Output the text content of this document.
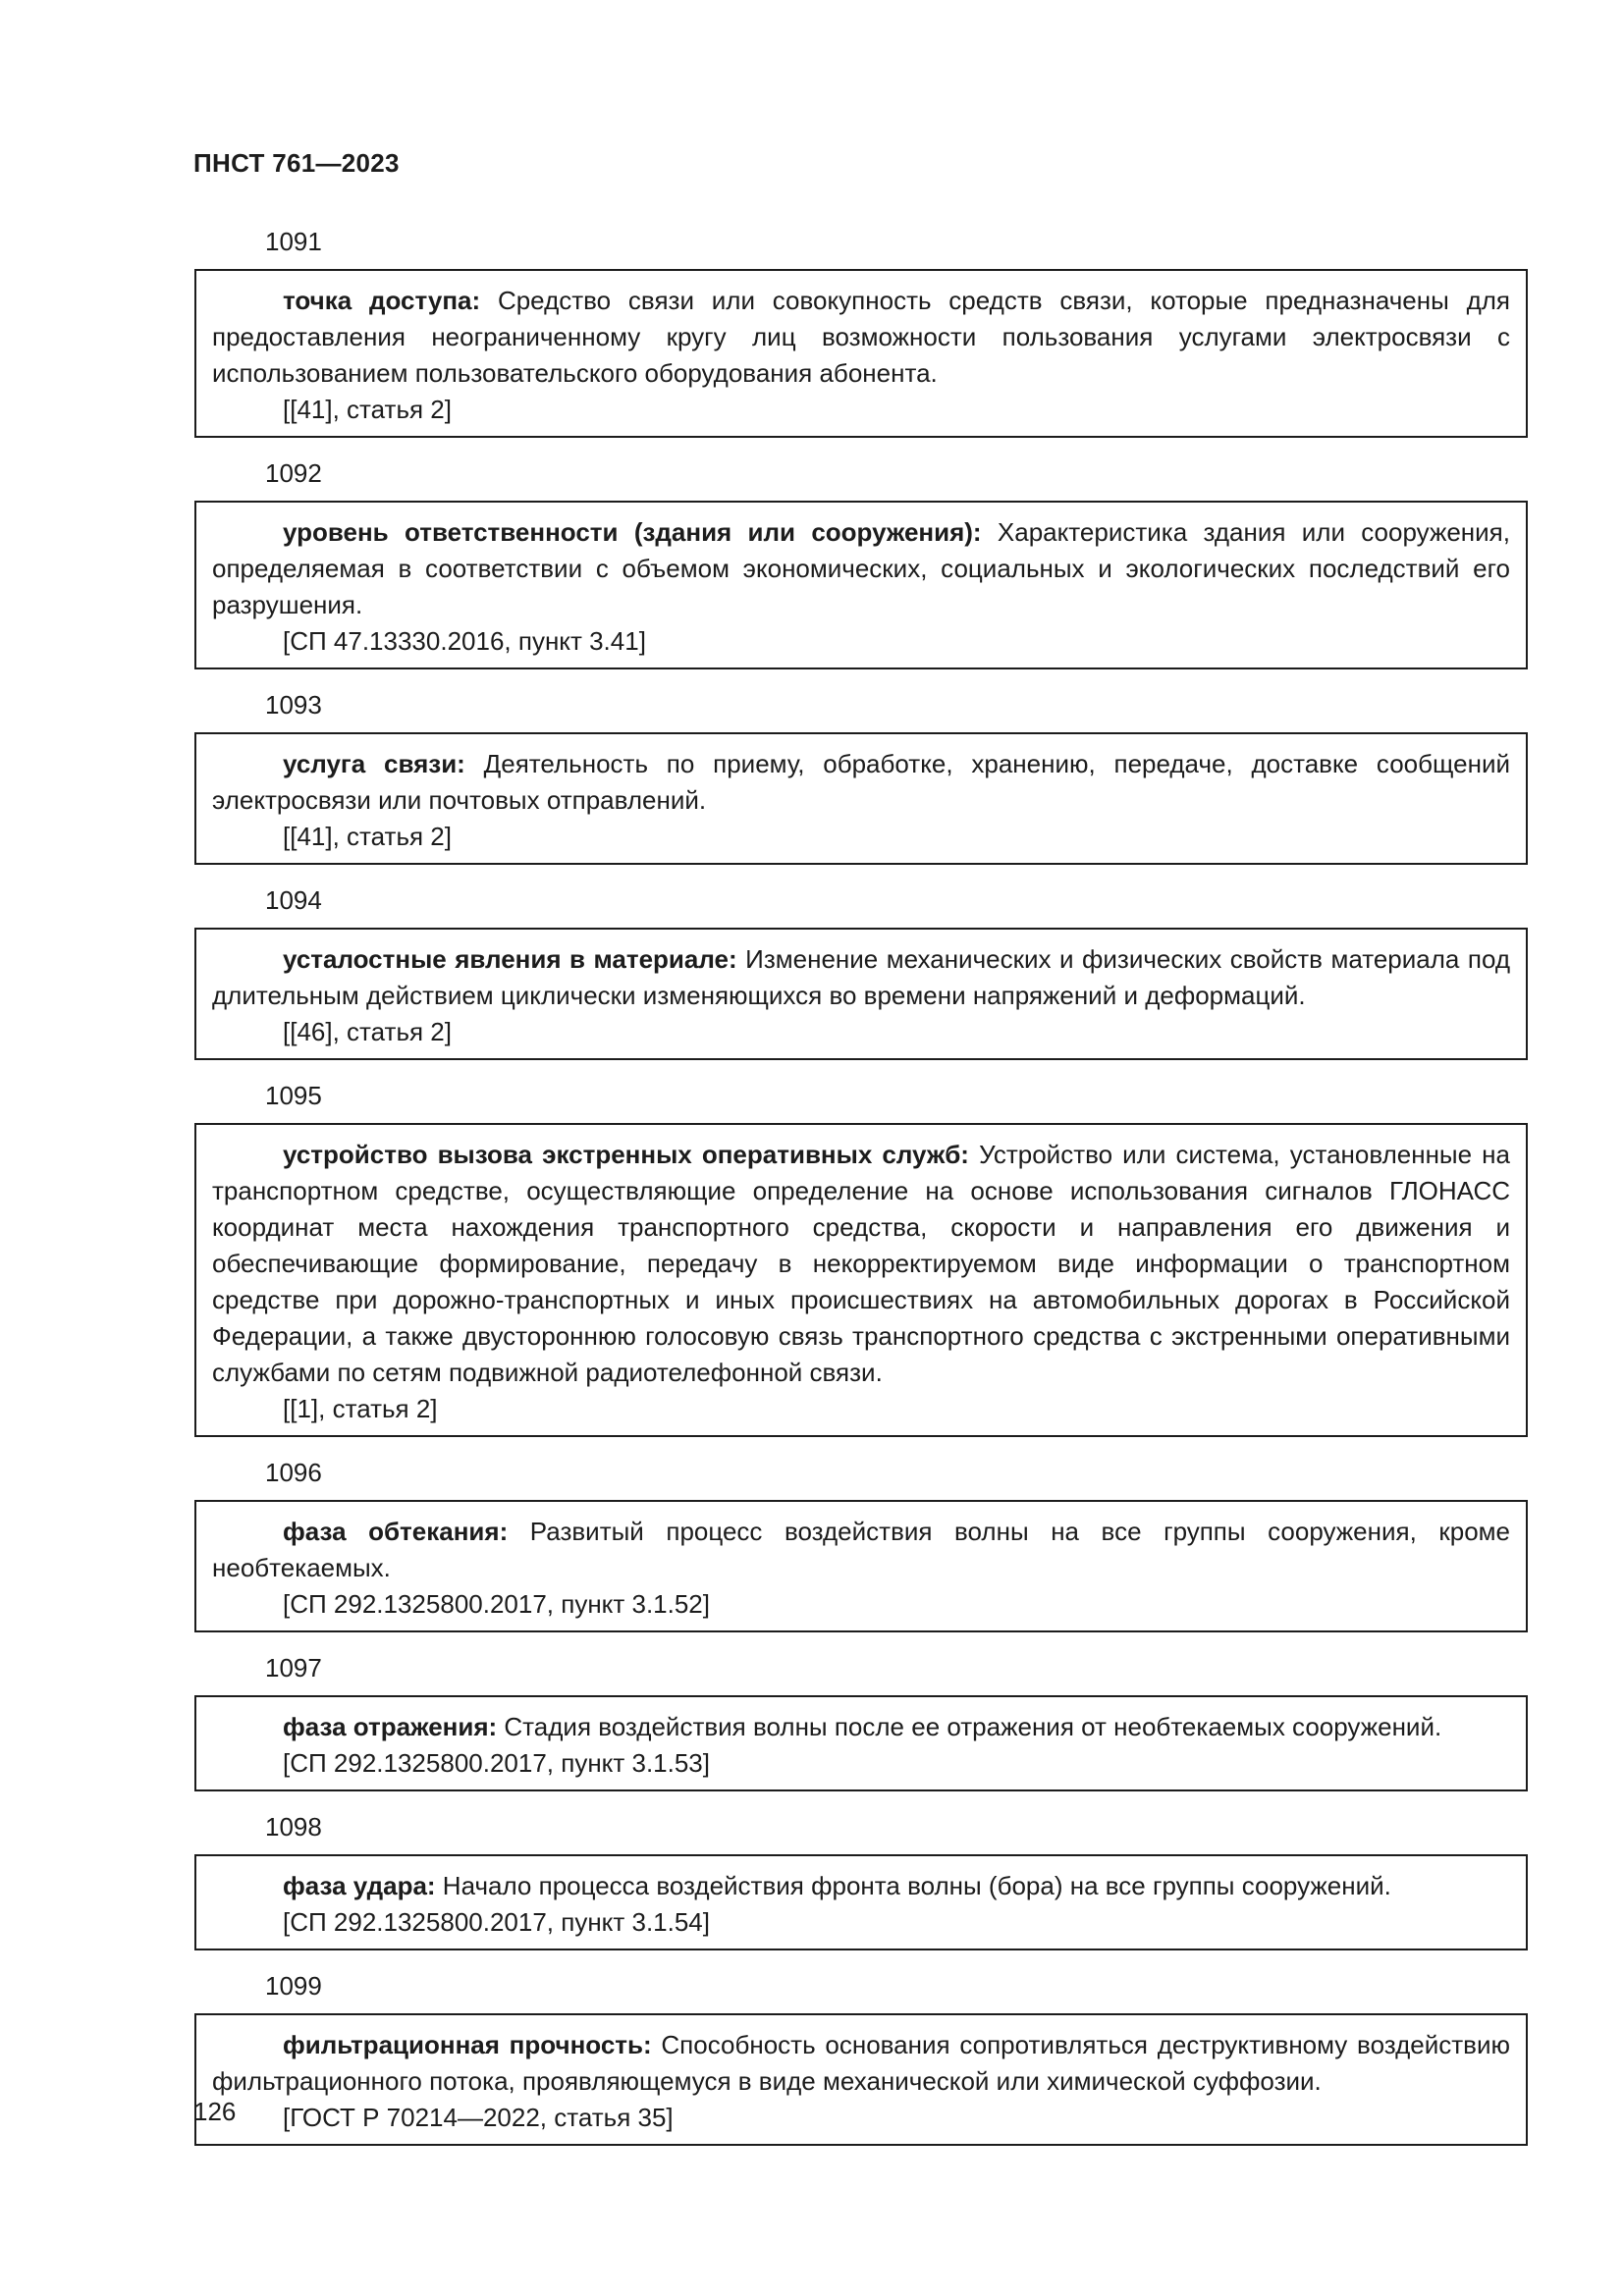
ПНСТ 761—2023
1091

точка доступа: Средство связи или совокупность средств связи, которые предназначены для предоставления неограниченному кругу лиц возможности пользования услугами электросвязи с использованием пользовательского оборудования абонента.

[[41], статья 2]

1092

уровень ответственности (здания или сооружения): Характеристика здания или сооружения, определяемая в соответствии с объемом экономических, социальных и экологических последствий его разрушения.

[СП 47.13330.2016, пункт 3.41]

1093

услуга связи: Деятельность по приему, обработке, хранению, передаче, доставке сообщений электросвязи или почтовых отправлений.

[[41], статья 2]

1094

усталостные явления в материале: Изменение механических и физических свойств материала под длительным действием циклически изменяющихся во времени напряжений и деформаций.

[[46], статья 2]

1095

устройство вызова экстренных оперативных служб: Устройство или система, установленные на транспортном средстве, осуществляющие определение на основе использования сигналов ГЛОНАСС координат места нахождения транспортного средства, скорости и направления его движения и обеспечивающие формирование, передачу в некорректируемом виде информации о транспортном средстве при дорожно-транспортных и иных происшествиях на автомобильных дорогах в Российской Федерации, а также двустороннюю голосовую связь транспортного средства с экстренными оперативными службами по сетям подвижной радиотелефонной связи.

[[1], статья 2]

1096

фаза обтекания: Развитый процесс воздействия волны на все группы сооружения, кроме необтекаемых.

[СП 292.1325800.2017, пункт 3.1.52]

1097

фаза отражения: Стадия воздействия волны после ее отражения от необтекаемых сооружений.

[СП 292.1325800.2017, пункт 3.1.53]

1098

фаза удара: Начало процесса воздействия фронта волны (бора) на все группы сооружений.

[СП 292.1325800.2017, пункт 3.1.54]

1099

фильтрационная прочность: Способность основания сопротивляться деструктивному воздействию фильтрационного потока, проявляющемуся в виде механической или химической суффозии.

[ГОСТ Р 70214—2022, статья 35]

126
